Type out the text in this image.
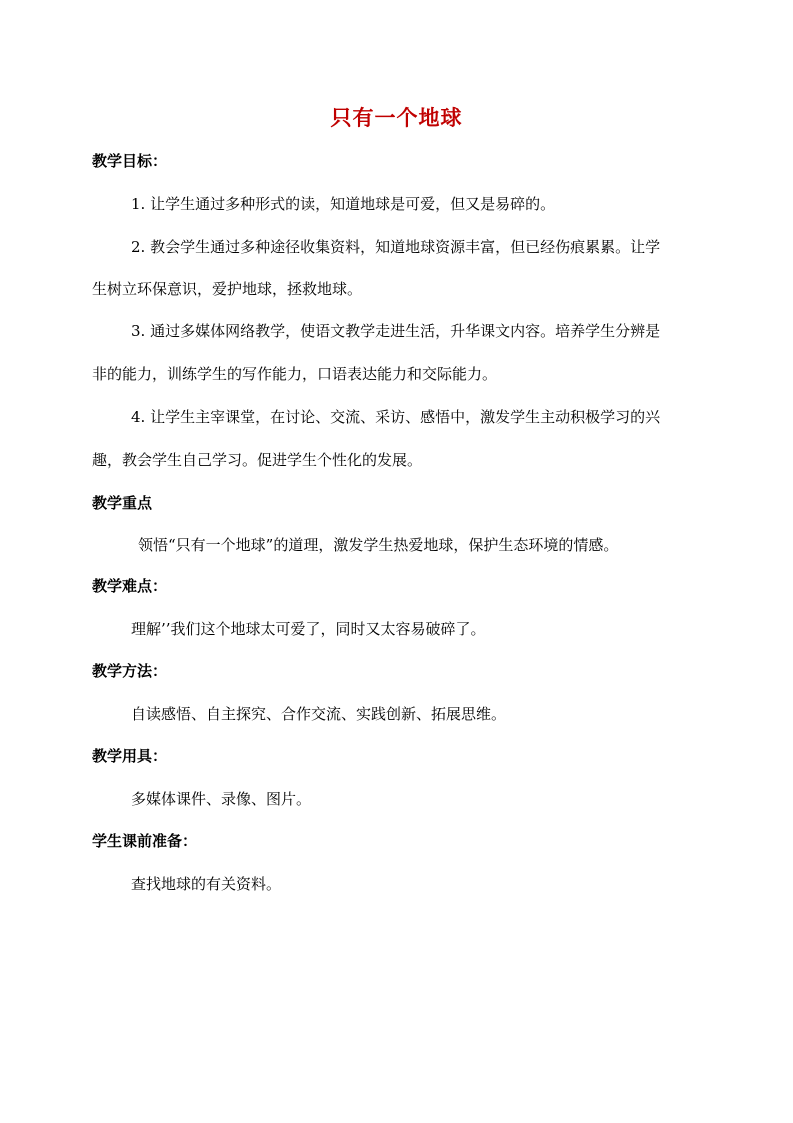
只有一个地球
教学目标：
1. 让学生通过多种形式的读，知道地球是可爱，但又是易碎的。
2. 教会学生通过多种途径收集资料，知道地球资源丰富，但已经伤痕累累。让学
生树立环保意识，爱护地球，拯救地球。
3. 通过多媒体网络教学，使语文教学走进生活，升华课文内容。培养学生分辨是
非的能力，训练学生的写作能力，口语表达能力和交际能力。
4. 让学生主宰课堂，在讨论、交流、采访、感悟中，激发学生主动积极学习的兴
趣，教会学生自己学习。促进学生个性化的发展。
教学重点
领悟“只有一个地球”的道理，激发学生热爱地球，保护生态环境的情感。
教学难点：
理解’’我们这个地球太可爱了，同时又太容易破碎了。
教学方法：
自读感悟、自主探究、合作交流、实践创新、拓展思维。
教学用具：
多媒体课件、录像、图片。
学生课前准备：
查找地球的有关资料。
